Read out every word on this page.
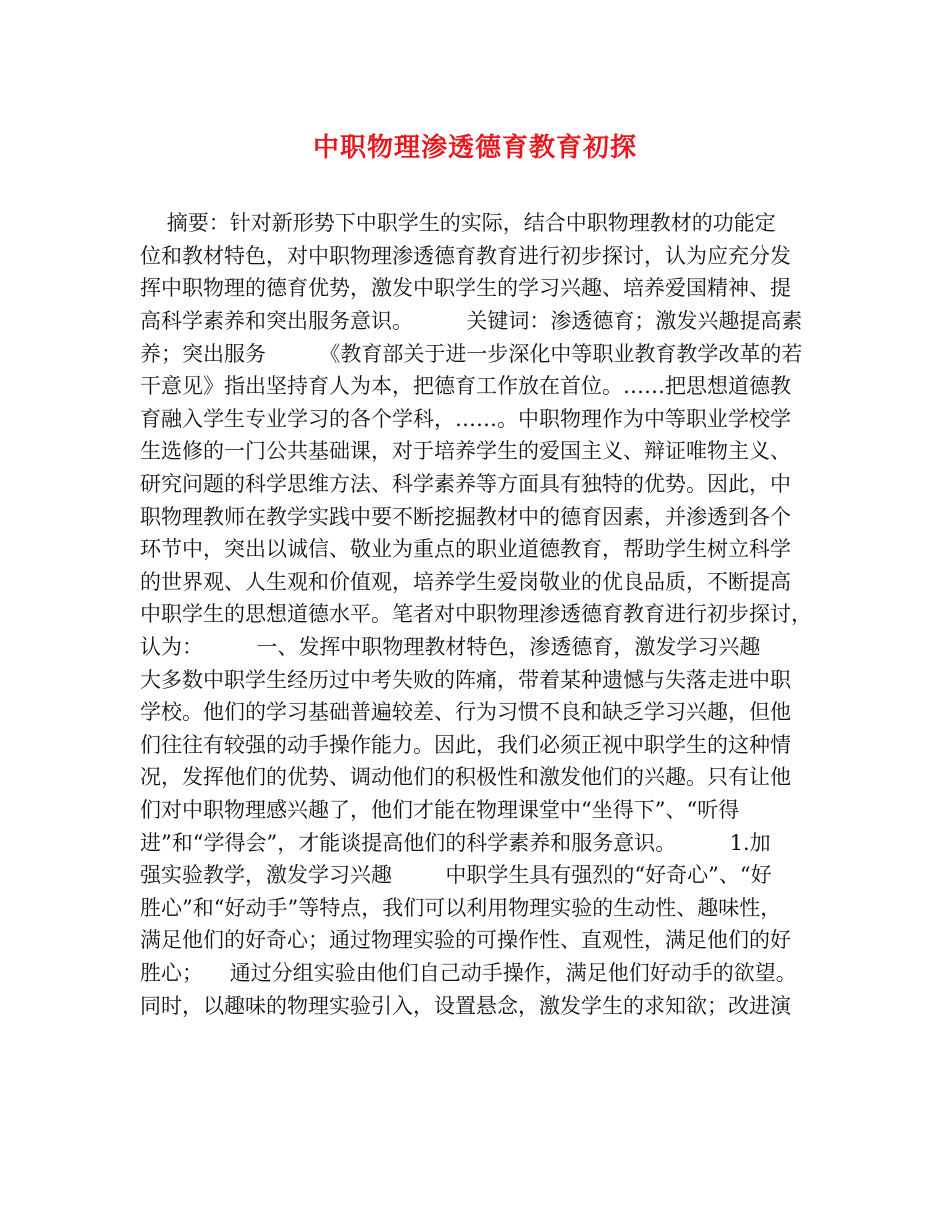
中职物理渗透德育教育初探
摘要：针对新形势下中职学生的实际，结合中职物理教材的功能定
位和教材特色，对中职物理渗透德育教育进行初步探讨，认为应充分发
挥中职物理的德育优势，激发中职学生的学习兴趣、培养爱国精神、提
高科学素养和突出服务意识。        关键词：渗透德育；激发兴趣提高素
养；突出服务        《教育部关于进一步深化中等职业教育教学改革的若
干意见》指出坚持育人为本，把德育工作放在首位。……把思想道德教
育融入学生专业学习的各个学科，……。中职物理作为中等职业学校学
生选修的一门公共基础课，对于培养学生的爱国主义、辩证唯物主义、
研究问题的科学思维方法、科学素养等方面具有独特的优势。因此，中
职物理教师在教学实践中要不断挖掘教材中的德育因素，并渗透到各个
环节中，突出以诚信、敬业为重点的职业道德教育，帮助学生树立科学
的世界观、人生观和价值观，培养学生爱岗敬业的优良品质，不断提高
中职学生的思想道德水平。笔者对中职物理渗透德育教育进行初步探讨，
认为：        一、发挥中职物理教材特色，渗透德育，激发学习兴趣
大多数中职学生经历过中考失败的阵痛，带着某种遗憾与失落走进中职
学校。他们的学习基础普遍较差、行为习惯不良和缺乏学习兴趣，但他
们往往有较强的动手操作能力。因此，我们必须正视中职学生的这种情
况，发挥他们的优势、调动他们的积极性和激发他们的兴趣。只有让他
们对中职物理感兴趣了，他们才能在物理课堂中“坐得下”、“听得
进”和“学得会”，才能谈提高他们的科学素养和服务意识。        1.加
强实验教学，激发学习兴趣        中职学生具有强烈的“好奇心”、“好
胜心”和“好动手”等特点，我们可以利用物理实验的生动性、趣味性，
满足他们的好奇心；通过物理实验的可操作性、直观性，满足他们的好
胜心；    通过分组实验由他们自己动手操作，满足他们好动手的欲望。
同时，以趣味的物理实验引入，设置悬念，激发学生的求知欲；改进演
